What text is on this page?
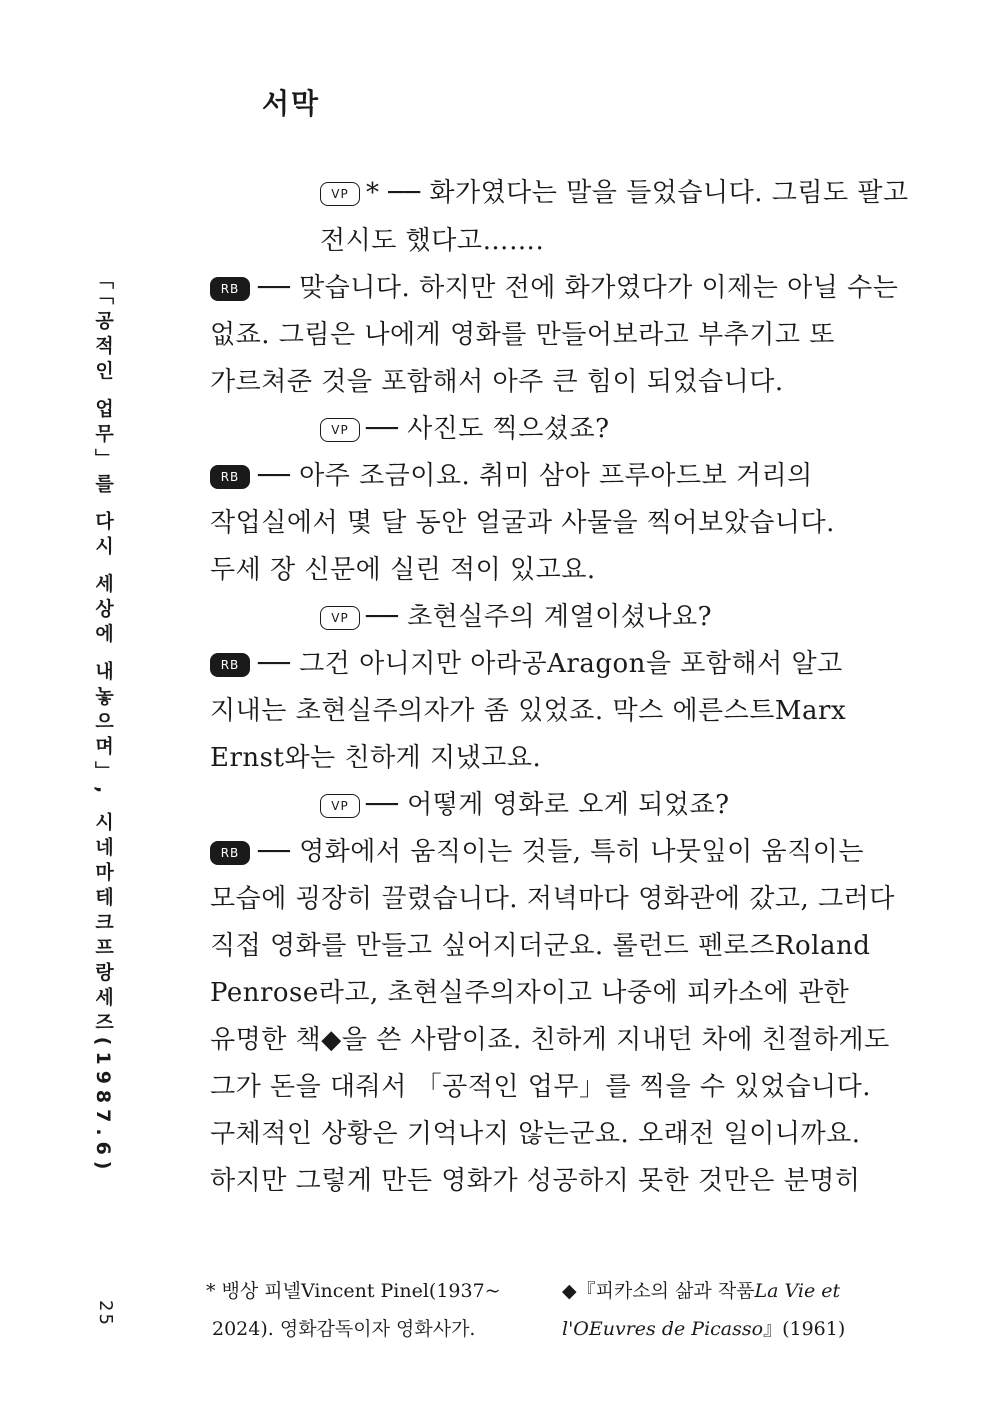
서막
「「공적인 업무」를 다시 세상에 내놓으며」, 시네마테크프랑세즈(1987.6)
25
VP * ── 화가였다는 말을 들었습니다. 그림도 팔고
전시도 했다고…….
RB ── 맞습니다. 하지만 전에 화가였다가 이제는 아닐 수는
없죠. 그림은 나에게 영화를 만들어보라고 부추기고 또
가르쳐준 것을 포함해서 아주 큰 힘이 되었습니다.
VP ── 사진도 찍으셨죠?
RB ── 아주 조금이요. 취미 삼아 프루아드보 거리의
작업실에서 몇 달 동안 얼굴과 사물을 찍어보았습니다.
두세 장 신문에 실린 적이 있고요.
VP ── 초현실주의 계열이셨나요?
RB ── 그건 아니지만 아라공Aragon을 포함해서 알고
지내는 초현실주의자가 좀 있었죠. 막스 에른스트Marx
Ernst와는 친하게 지냈고요.
VP ── 어떻게 영화로 오게 되었죠?
RB ── 영화에서 움직이는 것들, 특히 나뭇잎이 움직이는
모습에 굉장히 끌렸습니다. 저녁마다 영화관에 갔고, 그러다
직접 영화를 만들고 싶어지더군요. 롤런드 펜로즈Roland
Penrose라고, 초현실주의자이고 나중에 피카소에 관한
유명한 책◆을 쓴 사람이죠. 친하게 지내던 차에 친절하게도
그가 돈을 대줘서 「공적인 업무」를 찍을 수 있었습니다.
구체적인 상황은 기억나지 않는군요. 오래전 일이니까요.
하지만 그렇게 만든 영화가 성공하지 못한 것만은 분명히
* 뱅상 피넬Vincent Pinel(1937~
2024). 영화감독이자 영화사가.
◆『피카소의 삶과 작품La Vie et
l'OEuvres de Picasso』(1961)
